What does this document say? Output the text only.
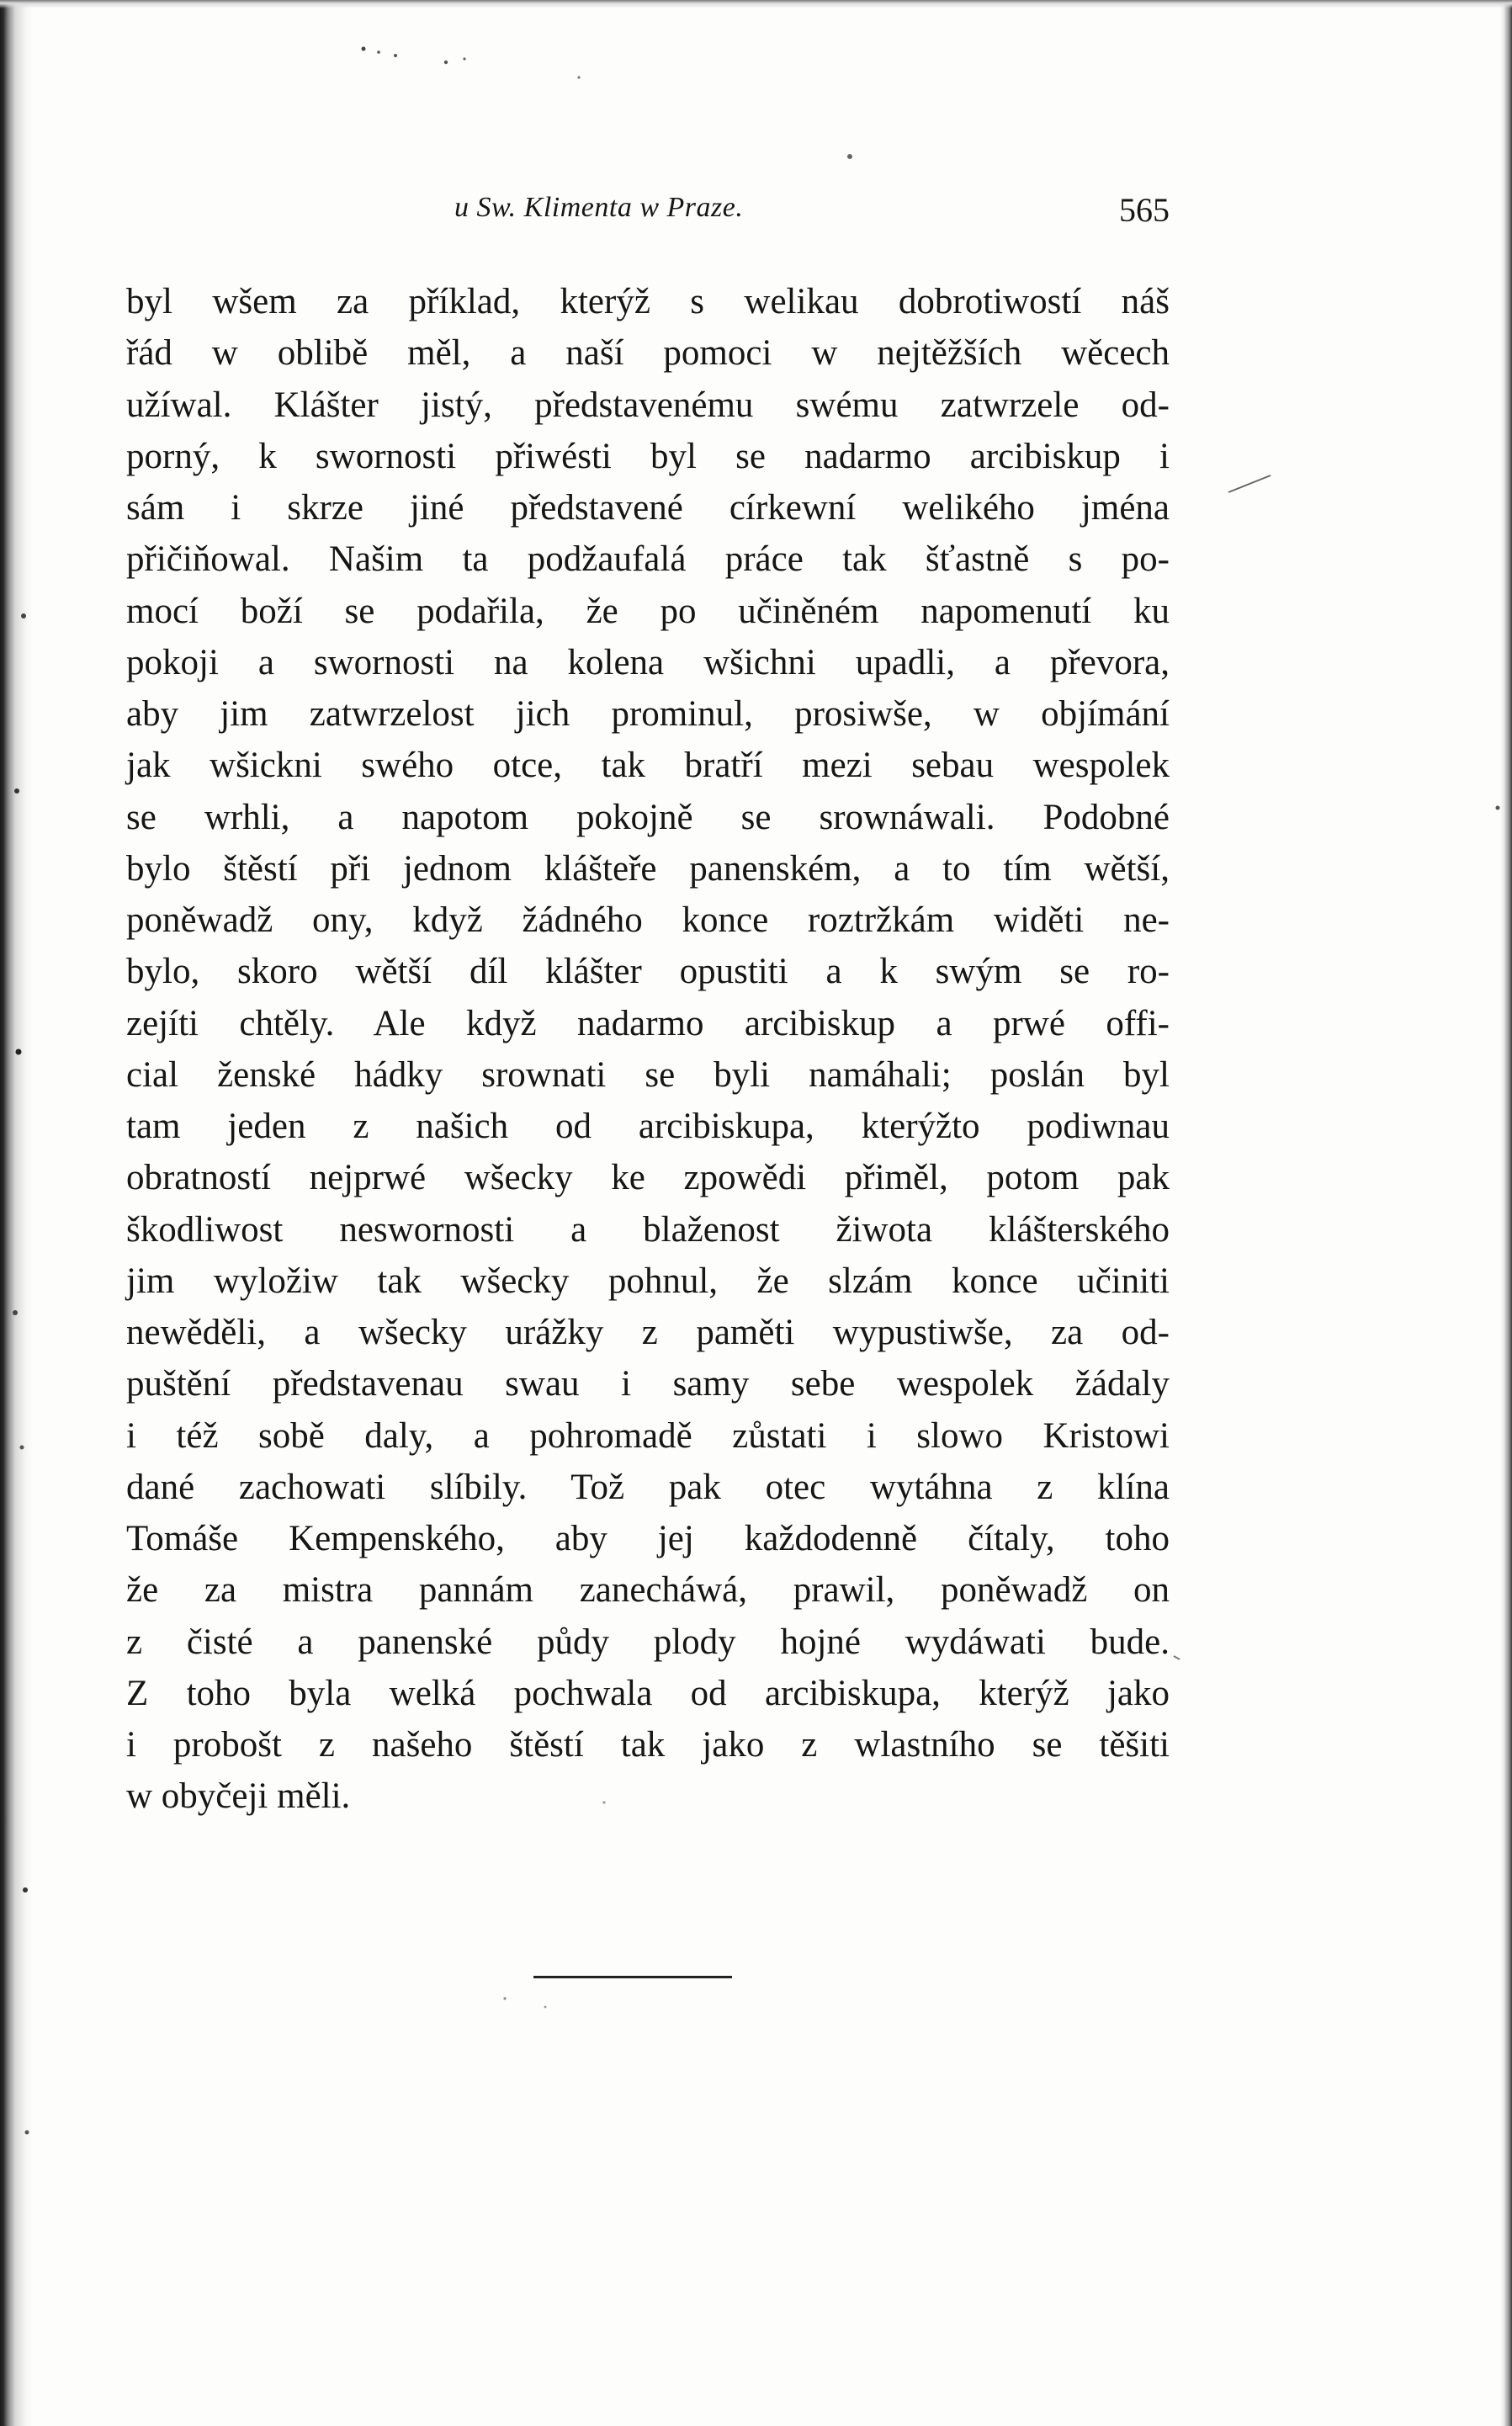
u Sw. Klimenta w Praze.	565
byl wšem za příklad, kterýž s welikau dobrotiwostí náš
řád w oblibě měl, a naší pomoci w nejtěžších wěcech
užíwal. Klášter jistý, představenému swému zatwrzele od-
porný, k swornosti přiwésti byl se nadarmo arcibiskup i
sám i skrze jiné představené církewní welikého jména
přičiňowal. Našim ta podžaufalá práce tak šťastně s po-
mocí boží se podařila, že po učiněném napomenutí ku
pokoji a swornosti na kolena wšichni upadli, a převora,
aby jim zatwrzelost jich prominul, prosiwše, w objímání
jak wšickni swého otce, tak bratří mezi sebau wespolek
se wrhli, a napotom pokojně se srownáwali. Podobné
bylo štěstí při jednom klášteře panenském, a to tím wětší,
poněwadž ony, když žádného konce roztržkám widěti ne-
bylo, skoro wětší díl klášter opustiti a k swým se ro-
zejíti chtěly. Ale když nadarmo arcibiskup a prwé offi-
cial ženské hádky srownati se byli namáhali; poslán byl
tam jeden z našich od arcibiskupa, kterýžto podiwnau
obratností nejprwé wšecky ke zpowědi přiměl, potom pak
škodliwost neswornosti a blaženost žiwota klášterského
jim wyložiw tak wšecky pohnul, že slzám konce učiniti
newěděli, a wšecky urážky z paměti wypustiwše, za od-
puštění představenau swau i samy sebe wespolek žádaly
i též sobě daly, a pohromadě zůstati i slowo Kristowi
dané zachowati slíbily. Tož pak otec wytáhna z klína
Tomáše Kempenského, aby jej každodenně čítaly, toho
že za mistra pannám zanecháwá, prawil, poněwadž on
z čisté a panenské půdy plody hojné wydáwati bude.
Z toho byla welká pochwala od arcibiskupa, kterýž jako
i probošt z našeho štěstí tak jako z wlastního se těšiti
w obyčeji měli.
